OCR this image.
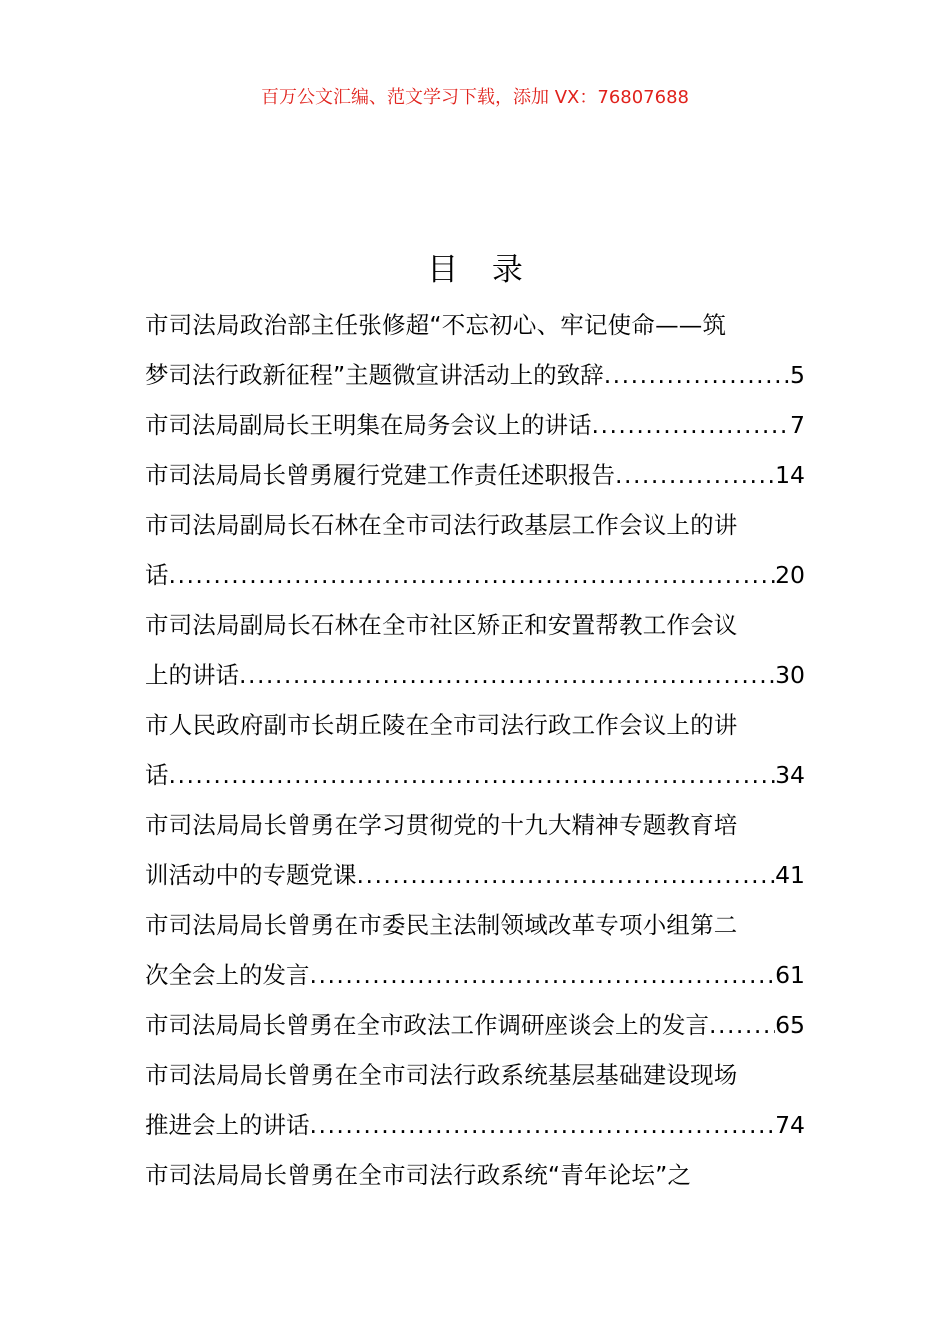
百万公文汇编、范文学习下载，添加 VX：76807688
目 录
市司法局政治部主任张修超“不忘初心、牢记使命——筑
梦司法行政新征程”主题微宣讲活动上的致辞 .....	5
市司法局副局长王明集在局务会议上的讲话 .....	7
市司法局局长曾勇履行党建工作责任述职报告 .....	14
市司法局副局长石林在全市司法行政基层工作会议上的讲
话 .....	20
市司法局副局长石林在全市社区矫正和安置帮教工作会议
上的讲话 .....	30
市人民政府副市长胡丘陵在全市司法行政工作会议上的讲
话 .....	34
市司法局局长曾勇在学习贯彻党的十九大精神专题教育培
训活动中的专题党课 .....	41
市司法局局长曾勇在市委民主法制领域改革专项小组第二
次全会上的发言 .....	61
市司法局局长曾勇在全市政法工作调研座谈会上的发言 .....	65
市司法局局长曾勇在全市司法行政系统基层基础建设现场
推进会上的讲话 .....	74
市司法局局长曾勇在全市司法行政系统“青年论坛”之
